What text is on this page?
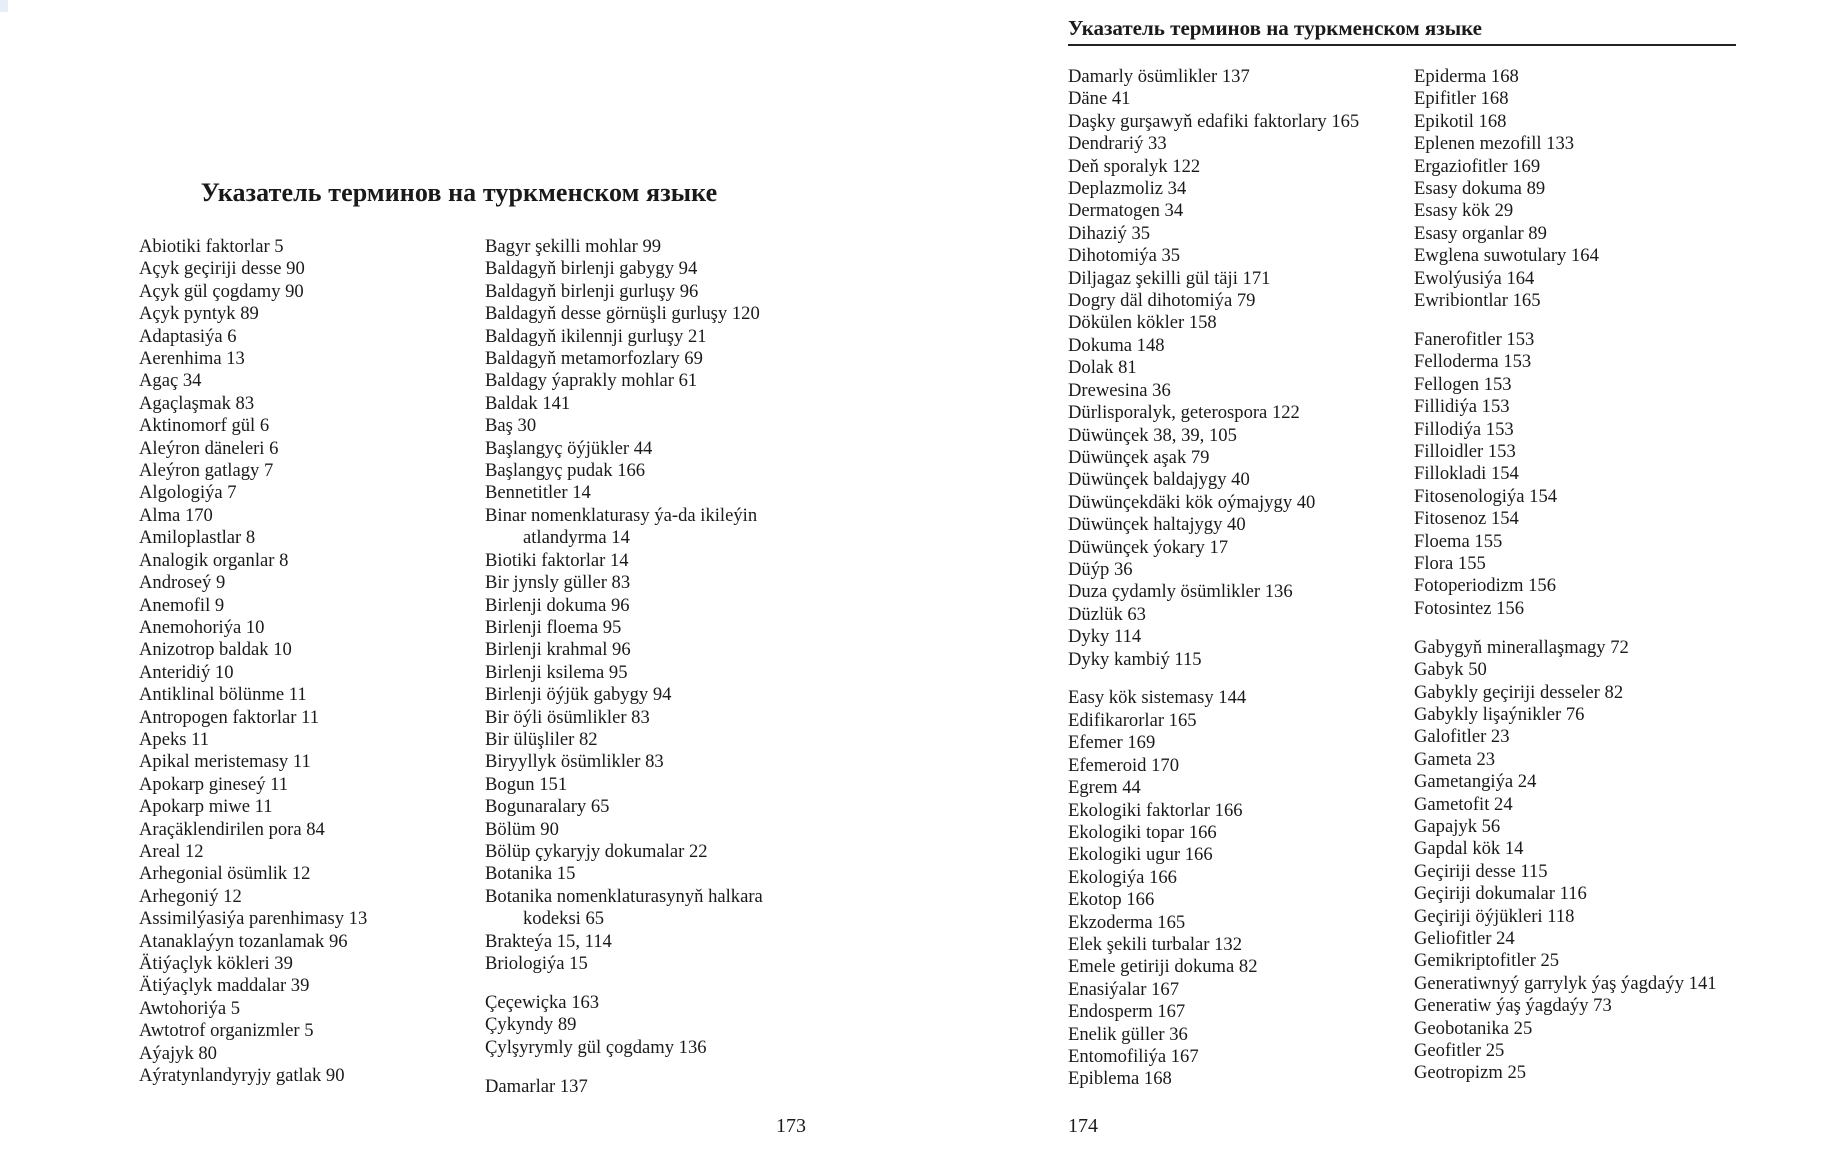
Указатель терминов на туркменском языке
Abiotiki faktorlar 5
Açyk geçiriji desse 90
Açyk gül çogdamy 90
Açyk pyntyk 89
Adaptasiýa 6
Aerenhima 13
Agaç 34
Agaçlaşmak 83
Aktinomorf gül 6
Aleýron däneleri 6
Aleýron gatlagy 7
Algologiýa 7
Alma 170
Amiloplastlar 8
Analogik organlar 8
Androseý 9
Anemofil 9
Anemohoriýa 10
Anizotrop baldak 10
Anteridiý 10
Antiklinal bölünme 11
Antropogen faktorlar 11
Apeks 11
Apikal meristemasy 11
Apokarp gineseý 11
Apokarp miwe 11
Araçäklendirilen pora 84
Areal 12
Arhegonial ösümlik 12
Arhegoniý 12
Assimilýasiýa parenhimasy 13
Atanaklaýyn tozanlamak 96
Ätiýaçlyk kökleri 39
Ätiýaçlyk maddalar 39
Awtohoriýa 5
Awtotrof organizmler 5
Aýajyk 80
Aýratynlandyryjy gatlak 90
Bagyr şekilli mohlar 99
Baldagyň birlenji gabygy 94
Baldagyň birlenji gurluşy 96
Baldagyň desse görnüşli gurluşy 120
Baldagyň ikilennji gurluşy 21
Baldagyň metamorfozlary 69
Baldagy ýaprakly mohlar 61
Baldak 141
Baş 30
Başlangyç öýjükler 44
Başlangyç pudak 166
Bennetitler 14
Binar nomenklaturasy ýa-da ikileýin
atlandyrma 14
Biotiki faktorlar 14
Bir jynsly güller 83
Birlenji dokuma 96
Birlenji floema 95
Birlenji krahmal 96
Birlenji ksilema 95
Birlenji öýjük gabygy 94
Bir öýli ösümlikler 83
Bir ülüşliler 82
Biryyllyk ösümlikler 83
Bogun 151
Bogunaralary 65
Bölüm 90
Bölüp çykaryjy dokumalar 22
Botanika 15
Botanika nomenklaturasynyň halkara
kodeksi 65
Brakteýa 15, 114
Briologiýa 15
Çeçewiçka 163
Çykyndy 89
Çylşyrymly gül çogdamy 136
Damarlar 137
173
Указатель терминов на туркменском языке
Damarly ösümlikler 137
Däne 41
Daşky gurşawyň edafiki faktorlary 165
Dendrariý 33
Deň sporalyk 122
Deplazmoliz 34
Dermatogen 34
Dihaziý 35
Dihotomiýa 35
Diljagaz şekilli gül täji 171
Dogry däl dihotomiýa 79
Dökülen kökler 158
Dokuma 148
Dolak 81
Drewesina 36
Dürlisporalyk, geterospora 122
Düwünçek 38, 39, 105
Düwünçek aşak 79
Düwünçek baldajygy 40
Düwünçekdäki kök oýmajygy 40
Düwünçek haltajygy 40
Düwünçek ýokary 17
Düýp 36
Duza çydamly ösümlikler 136
Düzlük 63
Dyky 114
Dyky kambiý 115
Easy kök sistemasy 144
Edifikarorlar 165
Efemer 169
Efemeroid 170
Egrem 44
Ekologiki faktorlar 166
Ekologiki topar 166
Ekologiki ugur 166
Ekologiýa 166
Ekotop 166
Ekzoderma 165
Elek şekili turbalar 132
Emele getiriji dokuma 82
Enasiýalar 167
Endosperm 167
Enelik güller 36
Entomofiliýa 167
Epiblema 168
Epiderma 168
Epifitler 168
Epikotil 168
Eplenen mezofill 133
Ergaziofitler 169
Esasy dokuma 89
Esasy kök 29
Esasy organlar 89
Ewglena suwotulary 164
Ewolýusiýa 164
Ewribiontlar 165
Fanerofitler 153
Felloderma 153
Fellogen 153
Fillidiýa 153
Fillodiýa 153
Filloidler 153
Fillokladi 154
Fitosenologiýa 154
Fitosenoz 154
Floema 155
Flora 155
Fotoperiodizm 156
Fotosintez 156
Gabygyň minerallaşmagy 72
Gabyk 50
Gabykly geçiriji desseler 82
Gabykly lişaýnikler 76
Galofitler 23
Gameta 23
Gametangiýa 24
Gametofit 24
Gapajyk 56
Gapdal kök 14
Geçiriji desse 115
Geçiriji dokumalar 116
Geçiriji öýjükleri 118
Geliofitler 24
Gemikriptofitler 25
Generatiwnyý garrylyk ýaş ýagdaýy 141
Generatiw ýaş ýagdaýy 73
Geobotanika 25
Geofitler 25
Geotropizm 25
174
